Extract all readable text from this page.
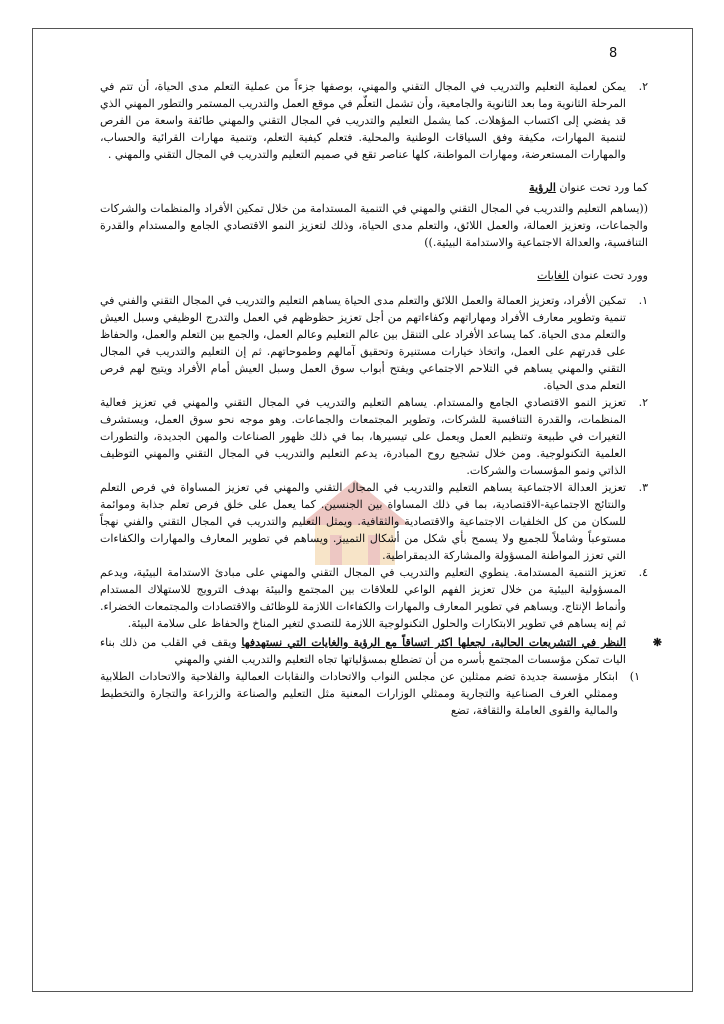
8
٢.
يمكن لعملية التعليم والتدريب في المجال التقني والمهني، بوصفها جزءاً من عملية التعلم مدى الحياة، أن تتم في المرحلة الثانوية وما بعد الثانوية والجامعية، وأن تشمل التعلّم في موقع العمل والتدريب المستمر والتطور المهني الذي قد يفضي إلى اكتساب المؤهلات. كما يشمل التعليم والتدريب في المجال التقني والمهني طائفة واسعة من الفرص لتنمية المهارات، مكيفة وفق السياقات الوطنية والمحلية. فتعلم كيفية التعلم، وتنمية مهارات القرائية والحساب، والمهارات المستعرضة، ومهارات المواطنة، كلها عناصر تقع في صميم التعليم والتدريب في المجال التقني والمهني .
كما ورد تحت عنوان الرؤية

((يساهم التعليم والتدريب في المجال التقني والمهني في التنمية المستدامة من خلال تمكين الأفراد والمنظمات والشركات والجماعات، وتعزيز العمالة، والعمل اللائق، والتعلم مدى الحياة، وذلك لتعزيز النمو الاقتصادي الجامع والمستدام والقدرة التنافسية، والعدالة الاجتماعية والاستدامة البيئية.))

وورد تحت عنوان الغايات
١.
تمكين الأفراد، وتعزيز العمالة والعمل اللائق والتعلم مدى الحياة يساهم التعليم والتدريب في المجال التقني والفني في تنمية وتطوير معارف الأفراد ومهاراتهم وكفاءاتهم من أجل تعزيز حظوظهم في العمل والتدرج الوظيفي وسبل العيش والتعلم مدى الحياة. كما يساعد الأفراد على التنقل بين عالم التعليم وعالم العمل، والجمع بين التعلم والعمل، والحفاظ على قدرتهم على العمل، واتخاذ خيارات مستنيرة وتحقيق آمالهم وطموحاتهم. ثم إن التعليم والتدريب في المجال التقني والمهني يساهم في التلاحم الاجتماعي ويفتح أبواب سوق العمل وسبل العيش أمام الأفراد ويتيح لهم فرص التعلم مدى الحياة.
٢.
تعزيز النمو الاقتصادي الجامع والمستدام. يساهم التعليم والتدريب في المجال التقني والمهني في تعزيز فعالية المنظمات، والقدرة التنافسية للشركات، وتطوير المجتمعات والجماعات. وهو موجه نحو سوق العمل، ويستشرف التغيرات في طبيعة وتنظيم العمل ويعمل على تيسيرها، بما في ذلك ظهور الصناعات والمهن الجديدة، والتطورات العلمية التكنولوجية. ومن خلال تشجيع روح المبادرة، يدعم التعليم والتدريب في المجال التقني والمهني التوظيف الذاتي ونمو المؤسسات والشركات.
٣.
تعزيز العدالة الاجتماعية يساهم التعليم والتدريب في المجال التقني والمهني في تعزيز المساواة في فرص التعلم والنتائج الاجتماعية-الاقتصادية، بما في ذلك المساواة بين الجنسين. كما يعمل على خلق فرص تعلم جذابة وموائمة للسكان من كل الخلفيات الاجتماعية والاقتصادية والثقافية. ويمثل التعليم والتدريب في المجال التقني والفني نهجاً مستوعباً وشاملاً للجميع ولا يسمح بأي شكل من أشكال التمييز. ويساهم في تطوير المعارف والمهارات والكفاءات التي تعزز المواطنة المسؤولة والمشاركة الديمقراطية.
٤.
تعزيز التنمية المستدامة. ينطوي التعليم والتدريب في المجال التقني والمهني على مبادئ الاستدامة البيئية، ويدعم المسؤولية البيئية من خلال تعزيز الفهم الواعي للعلاقات بين المجتمع والبيئة بهدف الترويج للاستهلاك المستدام وأنماط الإنتاج. ويساهم في تطوير المعارف والمهارات والكفاءات اللازمة للوظائف والاقتصادات والمجتمعات الخضراء. ثم إنه يساهم في تطوير الابتكارات والحلول التكنولوجية اللازمة للتصدي لتغير المناخ والحفاظ على سلامة البيئة.
❋
النظر في التشريعات الحالية، لجعلها اكثر اتساقاً مع الرؤية والغايات التي نستهدفها ويقف في القلب من ذلك بناء اليات تمكن مؤسسات المجتمع بأسره من أن تضطلع بمسؤلياتها تجاه التعليم والتدريب الفني والمهني
١)
ابتكار مؤسسة جديدة تضم ممثلين عن مجلس النواب والاتحادات والنقابات العمالية والفلاحية والاتحادات الطلابية وممثلي الغرف الصناعية والتجارية وممثلي الوزارات المعنية مثل التعليم والصناعة والزراعة والتجارة والتخطيط والمالية والقوى العاملة والثقافة، تضع
